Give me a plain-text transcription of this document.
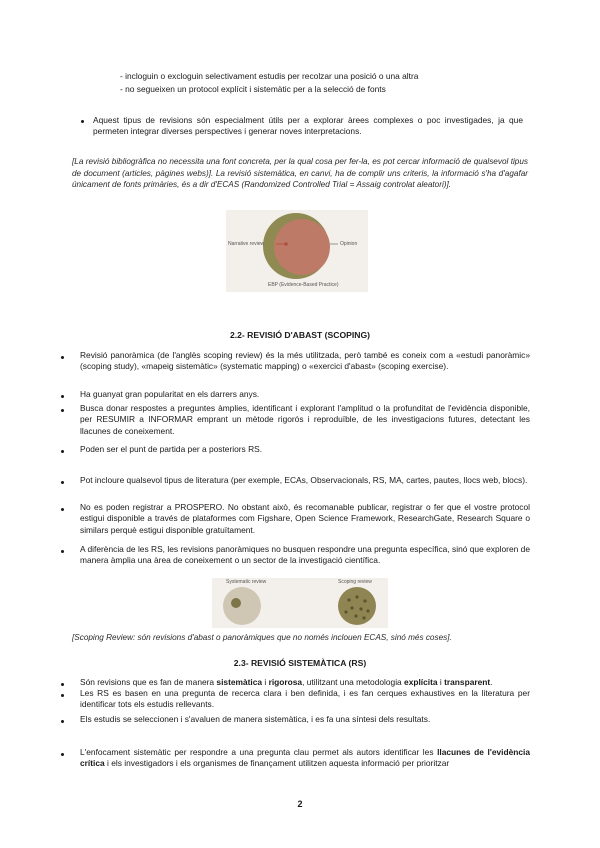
- incloguin o excloguin selectivament estudis per recolzar una posició o una altra
- no segueixen un protocol explícit i sistemàtic per a la selecció de fonts
Aquest tipus de revisions són especialment útils per a explorar àrees complexes o poc investigades, ja que permeten integrar diverses perspectives i generar noves interpretacions.
[La revisió bibliogràfica no necessita una font concreta, per la qual cosa per fer-la, es pot cercar informació de qualsevol tipus de document (articles, pàgines webs)]. La revisió sistemàtica, en canvi, ha de complir uns criteris, la informació s'ha d'agafar únicament de fonts primàries, és a dir d'ECAS (Randomized Controlled Trial = Assaig controlat aleatori)].
Narrative review	Opinion
EBP (Evidence-Based Practice)
2.2- REVISIÓ D'ABAST (SCOPING)
Revisió panoràmica (de l'anglès scoping review) és la més utilitzada, però també es coneix com a «estudi panoràmic» (scoping study), «mapeig sistemàtic» (systematic mapping) o «exercici d'abast» (scoping exercise).
Ha guanyat gran popularitat en els darrers anys.
Busca donar respostes a preguntes àmplies, identificant i explorant l'amplitud o la profunditat de l'evidència disponible, per RESUMIR a INFORMAR emprant un mètode rigorós i reproduïble, de les investigacions futures, detectant les llacunes de coneixement.
Poden ser el punt de partida per a posteriors RS.
Pot incloure qualsevol tipus de literatura (per exemple, ECAs, Observacionals, RS, MA, cartes, pautes, llocs web, blocs).
No es poden registrar a PROSPERO. No obstant això, és recomanable publicar, registrar o fer que el vostre protocol estigui disponible a través de plataformes com Figshare, Open Science Framework, ResearchGate, Research Square o similars perquè estigui disponible gratuïtament.
A diferència de les RS, les revisions panoràmiques no busquen respondre una pregunta específica, sinó que exploren de manera àmplia una àrea de coneixement o un sector de la investigació científica.
Systematic review	Scoping review
[Scoping Review: són revisions d'abast o panoràmiques que no només inclouen ECAS, sinó més coses].
2.3- REVISIÓ SISTEMÀTICA (RS)
Són revisions que es fan de manera sistemàtica i rigorosa, utilitzant una metodologia explícita i transparent.
Les RS es basen en una pregunta de recerca clara i ben definida, i es fan cerques exhaustives en la literatura per identificar tots els estudis rellevants.
Els estudis se seleccionen i s'avaluen de manera sistemàtica, i es fa una síntesi dels resultats.
L'enfocament sistemàtic per respondre a una pregunta clau permet als autors identificar les llacunes de l'evidència crítica i els investigadors i els organismes de finançament utilitzen aquesta informació per prioritzar
2
